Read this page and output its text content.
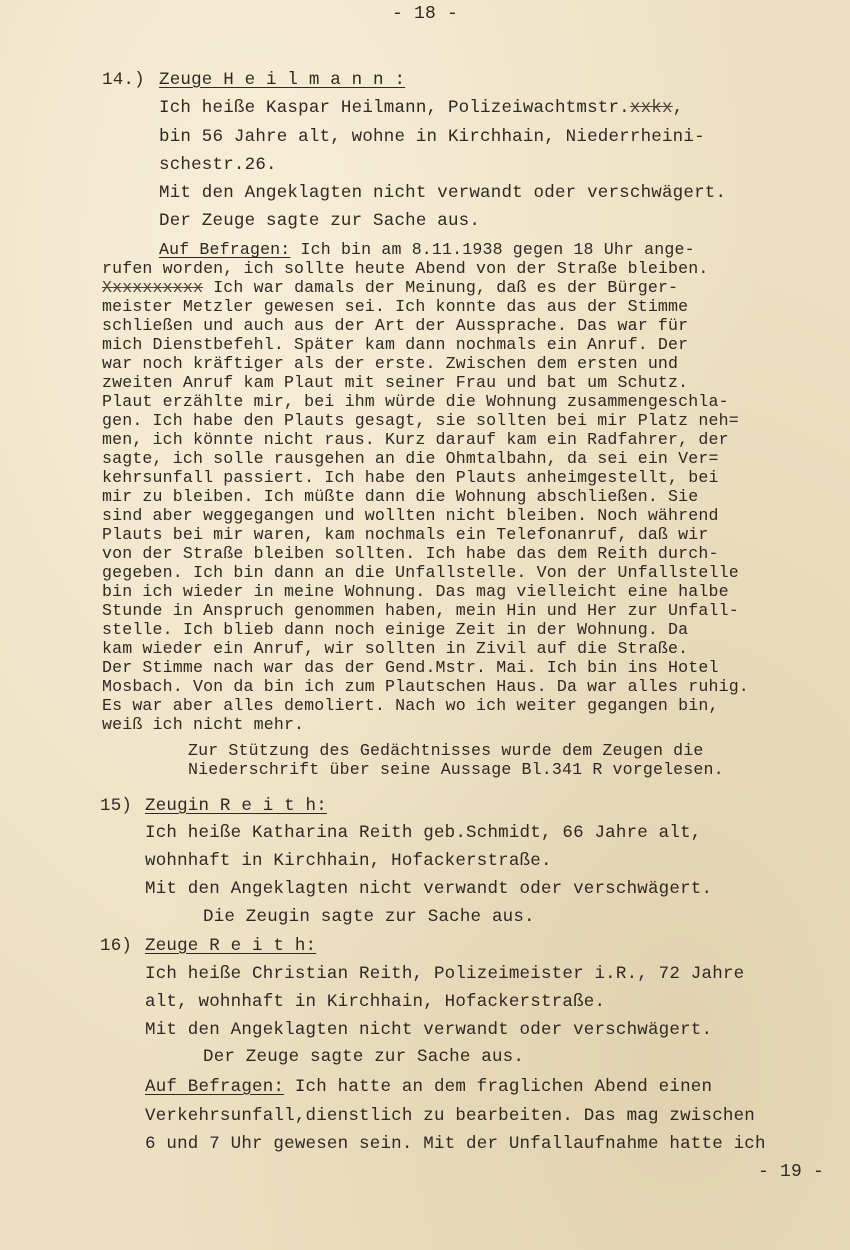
- 18 -
14.) Zeuge H e i l m a n n :
Ich heiße Kaspar Heilmann, Polizeiwachtmstr.xxkx,
bin 56 Jahre alt, wohne in Kirchhain, Niederrheini-
schestr.26.
Mit den Angeklagten nicht verwandt oder verschwägert.
Der Zeuge sagte zur Sache aus.
Auf Befragen: Ich bin am 8.11.1938 gegen 18 Uhr ange-
rufen worden, ich sollte heute Abend von der Straße bleiben.
Xxxxxxxxxx Ich war damals der Meinung, daß es der Bürger-
meister Metzler gewesen sei. Ich konnte das aus der Stimme
schließen und auch aus der Art der Aussprache. Das war für
mich Dienstbefehl. Später kam dann nochmals ein Anruf. Der
war noch kräftiger als der erste. Zwischen dem ersten und
zweiten Anruf kam Plaut mit seiner Frau und bat um Schutz.
Plaut erzählte mir, bei ihm würde die Wohnung zusammengeschla-
gen. Ich habe den Plauts gesagt, sie sollten bei mir Platz neh=
men, ich könnte nicht raus. Kurz darauf kam ein Radfahrer, der
sagte, ich solle rausgehen an die Ohmtalbahn, da sei ein Ver=
kehrsunfall passiert. Ich habe den Plauts anheimgestellt, bei
mir zu bleiben. Ich müßte dann die Wohnung abschließen. Sie
sind aber weggegangen und wollten nicht bleiben. Noch während
Plauts bei mir waren, kam nochmals ein Telefonanruf, daß wir
von der Straße bleiben sollten. Ich habe das dem Reith durch-
gegeben. Ich bin dann an die Unfallstelle. Von der Unfallstelle
bin ich wieder in meine Wohnung. Das mag vielleicht eine halbe
Stunde in Anspruch genommen haben, mein Hin und Her zur Unfall-
stelle. Ich blieb dann noch einige Zeit in der Wohnung. Da
kam wieder ein Anruf, wir sollten in Zivil auf die Straße.
Der Stimme nach war das der Gend.Mstr. Mai. Ich bin ins Hotel
Mosbach. Von da bin ich zum Plautschen Haus. Da war alles ruhig.
Es war aber alles demoliert. Nach wo ich weiter gegangen bin,
weiß ich nicht mehr.
Zur Stützung des Gedächtnisses wurde dem Zeugen die
Niederschrift über seine Aussage Bl.341 R vorgelesen.
15) Zeugin R e i t h:
Ich heiße Katharina Reith geb.Schmidt, 66 Jahre alt,
wohnhaft in Kirchhain, Hofackerstraße.
Mit den Angeklagten nicht verwandt oder verschwägert.
Die Zeugin sagte zur Sache aus.
16) Zeuge R e i t h:
Ich heiße Christian Reith, Polizeimeister i.R., 72 Jahre
alt, wohnhaft in Kirchhain, Hofackerstraße.
Mit den Angeklagten nicht verwandt oder verschwägert.
Der Zeuge sagte zur Sache aus.
Auf Befragen: Ich hatte an dem fraglichen Abend einen
Verkehrsunfall,dienstlich zu bearbeiten. Das mag zwischen
6 und 7 Uhr gewesen sein. Mit der Unfallaufnahme hatte ich
- 19 -
